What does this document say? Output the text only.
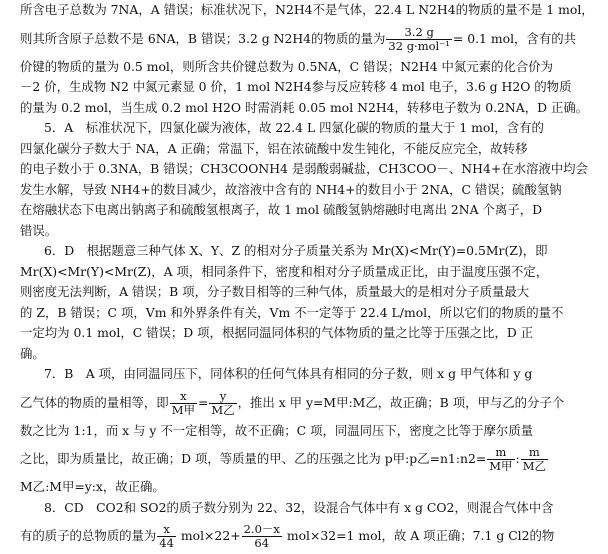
所含电子总数为 7NA，A 错误；标准状况下，N2H4不是气体，22.4 L N2H4的物质的量不是 1 mol，
则其所含原子总数不是 6NA，B 错误；3.2 g N2H4的物质的量为 $\frac{3.2 g}{\text{32 g·mol⁻¹}} = 0.1$ mol，含有的共
价键的物质的量为 0.5 mol，则所含共价键总数为 0.5NA，C 错误；N2H4 中氮元素的化合价为
－2 价，生成物 N2 中氮元素显 0 价，1 mol N2H4参与反应转移 4 mol 电子，3.6 g H2O 的物质
的量为 0.2 mol，当生成 0.2 mol H2O 时需消耗 0.05 mol N2H4，转移电子数为 0.2NA，D 正确。
5．A　标准状况下，四氯化碳为液体，故 22.4 L 四氯化碳的物质的量大于 1 mol，含有的
四氯化碳分子数大于 NA，A 正确；常温下，铝在浓硫酸中发生钝化，不能反应完全，故转移
的电子数小于 0.3NA，B 错误；CH3COONH4 是弱酸弱碱盐，CH3COO－、NH4+在水溶液中均会
发生水解，导致 NH4+的数目减少，故溶液中含有的 NH4+的数目小于 2NA，C 错误；硫酸氢钠
在熔融状态下电离出钠离子和硫酸氢根离子，故 1 mol 硫酸氢钠熔融时电离出 2NA 个离子，D
错误。
6．D　根据题意三种气体 X、Y、Z 的相对分子质量关系为 Mr(X)<Mr(Y)=0.5Mr(Z)，即
Mr(X)<Mr(Y)<Mr(Z)，A 项，相同条件下，密度和相对分子质量成正比，由于温度压强不定，
则密度无法判断，A 错误；B 项，分子数目相等的三种气体，质量最大的是相对分子质量最大
的 Z，B 错误；C 项，Vm 和外界条件有关，Vm 不一定等于 22.4 L/mol，所以它们的物质的量不
一定均为 0.1 mol，C 错误；D 项，根据同温同体积的气体物质的量之比等于压强之比，D 正
确。
7．B　A 项，由同温同压下，同体积的任何气体具有相同的分子数，则 x g 甲气体和 y g
乙气体的物质的量相等，即 $\frac{x}{\text{M甲}} = \frac{y}{\text{M乙}}$ ，推出 x 甲 y=M甲:M乙，故正确；B 项，甲与乙的分子个
数之比为 1:1，而 x 与 y 不一定相等，故不正确；C 项，同温同压下，密度之比等于摩尔质量
之比，即为质量比，故正确；D 项，等质量的甲、乙的压强之比为 p甲:p乙=n1:n2= $\frac{m}{\text{M甲}}$ : $\frac{m}{\text{M乙}}$
M乙:M甲=y:x，故正确。
8．CD　CO2和 SO2的质子数分别为 22、32，设混合气体中有 x g CO2，则混合气体中含
有的质子的总物质的量为 $\frac{x}{44} mol\times 22+ \frac{2.0-x}{64} mol\times 32=1$ mol，故 A 项正确；7.1 g Cl2的物
